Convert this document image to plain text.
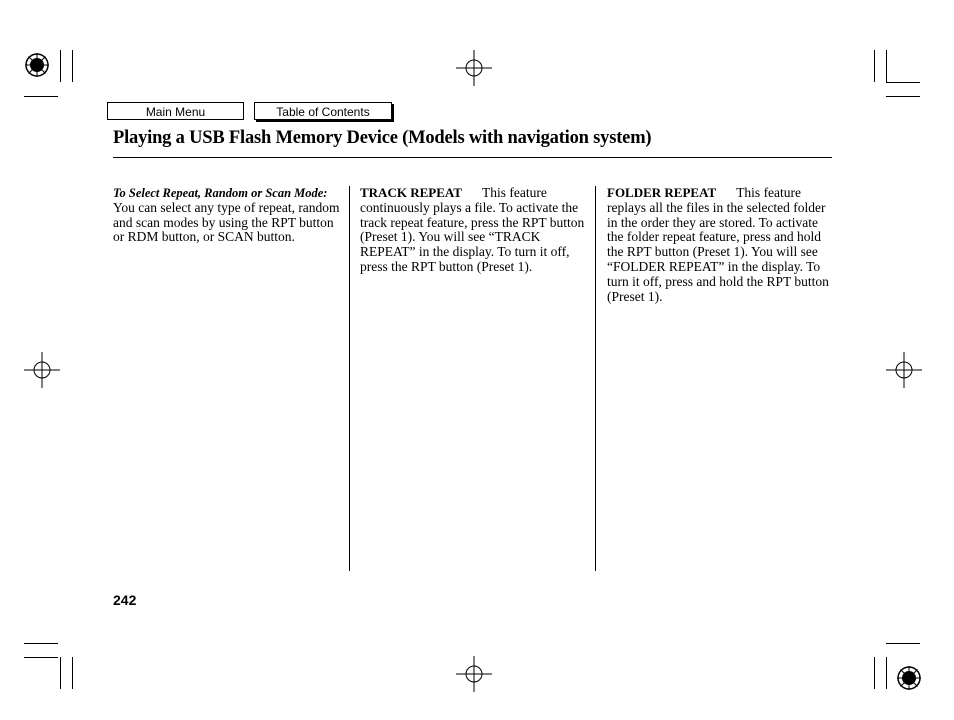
Main Menu	Table of Contents
Playing a USB Flash Memory Device (Models with navigation system)

To Select Repeat, Random or Scan Mode:

You can select any type of repeat, random and scan modes by using the RPT button or RDM button, or SCAN button.

TRACK REPEAT This feature continuously plays a file. To activate the track repeat feature, press the RPT button (Preset 1). You will see “TRACK REPEAT” in the display. To turn it off, press the RPT button (Preset 1).

FOLDER REPEAT This feature replays all the files in the selected folder in the order they are stored. To activate the folder repeat feature, press and hold the RPT button (Preset 1). You will see “FOLDER REPEAT” in the display. To turn it off, press and hold the RPT button (Preset 1).

242
